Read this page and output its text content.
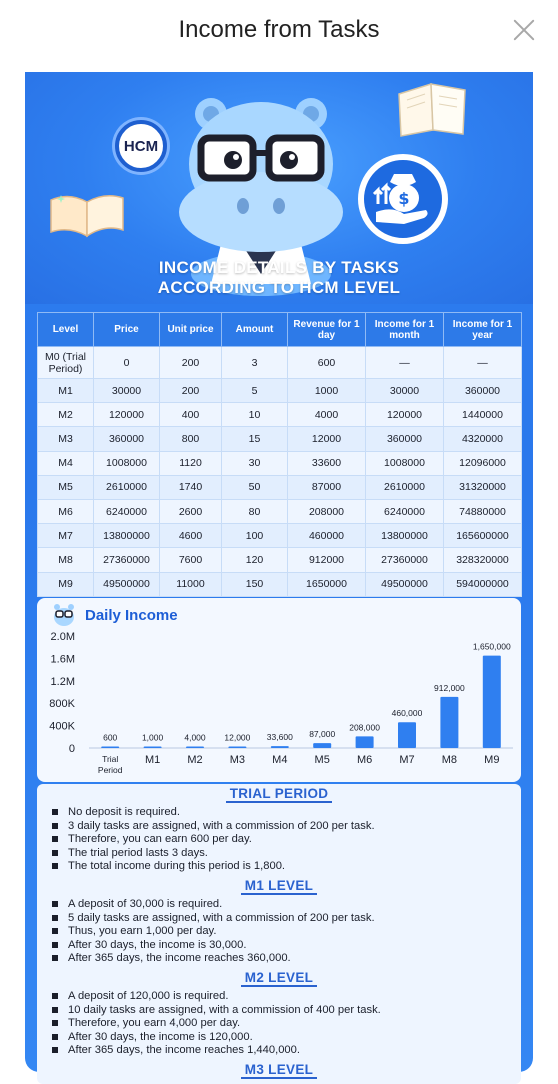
Income from Tasks
HCM
$
INCOME DETAILS BY TASKS
ACCORDING TO HCM LEVEL
Level	Price	Unit price	Amount	Revenue for 1 day	Income for 1 month	Income for 1 year
M0 (Trial Period)	0	200	3	600	—	—
M1	30000	200	5	1000	30000	360000
M2	120000	400	10	4000	120000	1440000
M3	360000	800	15	12000	360000	4320000
M4	1008000	1120	30	33600	1008000	12096000
M5	2610000	1740	50	87000	2610000	31320000
M6	6240000	2600	80	208000	6240000	74880000
M7	13800000	4600	100	460000	13800000	165600000
M8	27360000	7600	120	912000	27360000	328320000
M9	49500000	11000	150	1650000	49500000	594000000
Daily Income
0
400K
800K
1.2M
1.6M
2.0M
600
Trial Period
1,000
M1
4,000
M2
12,000
M3
33,600
M4
87,000
M5
208,000
M6
460,000
M7
912,000
M8
1,650,000
M9
TRIAL PERIOD
No deposit is required.
3 daily tasks are assigned, with a commission of 200 per task.
Therefore, you can earn 600 per day.
The trial period lasts 3 days.
The total income during this period is 1,800.
M1 LEVEL
A deposit of 30,000 is required.
5 daily tasks are assigned, with a commission of 200 per task.
Thus, you earn 1,000 per day.
After 30 days, the income is 30,000.
After 365 days, the income reaches 360,000.
M2 LEVEL
A deposit of 120,000 is required.
10 daily tasks are assigned, with a commission of 400 per task.
Therefore, you earn 4,000 per day.
After 30 days, the income is 120,000.
After 365 days, the income reaches 1,440,000.
M3 LEVEL
